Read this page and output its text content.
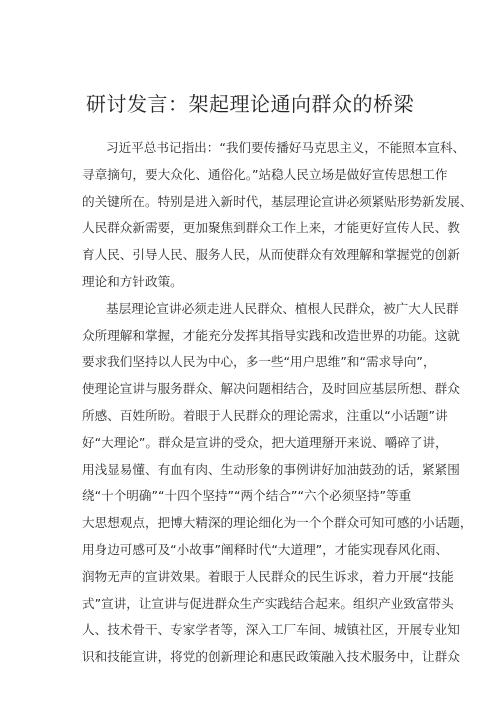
研讨发言：架起理论通向群众的桥梁
习近平总书记指出：“我们要传播好马克思主义，不能照本宣科、
寻章摘句，要大众化、通俗化。”站稳人民立场是做好宣传思想工作
的关键所在。特别是进入新时代，基层理论宣讲必须紧贴形势新发展、
人民群众新需要，更加聚焦到群众工作上来，才能更好宣传人民、教
育人民、引导人民、服务人民，从而使群众有效理解和掌握党的创新
理论和方针政策。
基层理论宣讲必须走进人民群众、植根人民群众，被广大人民群
众所理解和掌握，才能充分发挥其指导实践和改造世界的功能。这就
要求我们坚持以人民为中心，多一些“用户思维”和“需求导向”，
使理论宣讲与服务群众、解决问题相结合，及时回应基层所想、群众
所感、百姓所盼。着眼于人民群众的理论需求，注重以“小话题”讲
好“大理论”。群众是宣讲的受众，把大道理掰开来说、嚼碎了讲，
用浅显易懂、有血有肉、生动形象的事例讲好加油鼓劲的话，紧紧围
绕“十个明确”“十四个坚持”“两个结合”“六个必须坚持”等重
大思想观点，把博大精深的理论细化为一个个群众可知可感的小话题，
用身边可感可及“小故事”阐释时代“大道理”，才能实现春风化雨、
润物无声的宣讲效果。着眼于人民群众的民生诉求，着力开展“技能
式”宣讲，让宣讲与促进群众生产实践结合起来。组织产业致富带头
人、技术骨干、专家学者等，深入工厂车间、城镇社区，开展专业知
识和技能宣讲，将党的创新理论和惠民政策融入技术服务中，让群众
